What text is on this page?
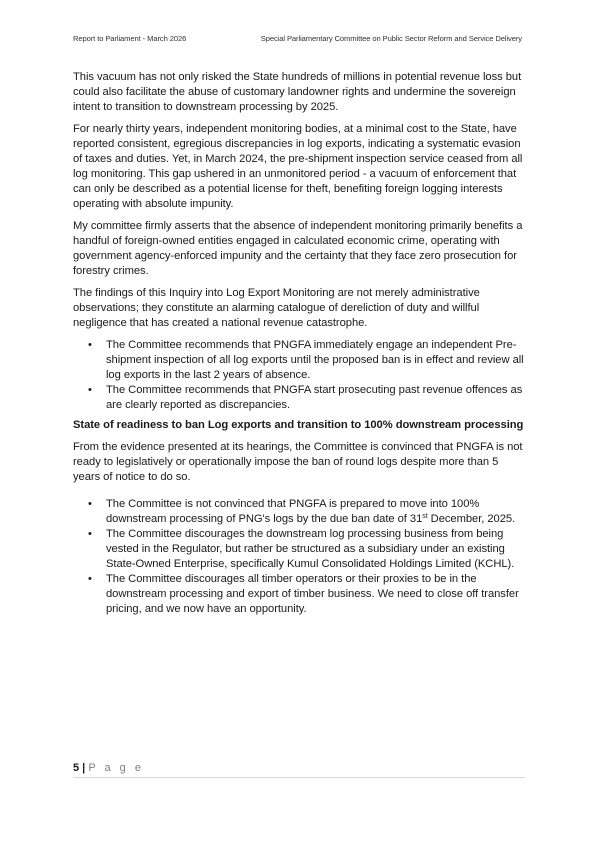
Report to Parliament - March 2026	Special Parliamentary Committee on Public Sector Reform and Service Delivery

This vacuum has not only risked the State hundreds of millions in potential revenue loss but could also facilitate the abuse of customary landowner rights and undermine the sovereign intent to transition to downstream processing by 2025.

For nearly thirty years, independent monitoring bodies, at a minimal cost to the State, have reported consistent, egregious discrepancies in log exports, indicating a systematic evasion of taxes and duties. Yet, in March 2024, the pre-shipment inspection service ceased from all log monitoring. This gap ushered in an unmonitored period - a vacuum of enforcement that can only be described as a potential license for theft, benefiting foreign logging interests operating with absolute impunity.

My committee firmly asserts that the absence of independent monitoring primarily benefits a handful of foreign-owned entities engaged in calculated economic crime, operating with government agency-enforced impunity and the certainty that they face zero prosecution for forestry crimes.

The findings of this Inquiry into Log Export Monitoring are not merely administrative observations; they constitute an alarming catalogue of dereliction of duty and willful negligence that has created a national revenue catastrophe.

• The Committee recommends that PNGFA immediately engage an independent Pre-shipment inspection of all log exports until the proposed ban is in effect and review all log exports in the last 2 years of absence.
• The Committee recommends that PNGFA start prosecuting past revenue offences as are clearly reported as discrepancies.

State of readiness to ban Log exports and transition to 100% downstream processing

From the evidence presented at its hearings, the Committee is convinced that PNGFA is not ready to legislatively or operationally impose the ban of round logs despite more than 5 years of notice to do so.

• The Committee is not convinced that PNGFA is prepared to move into 100% downstream processing of PNG's logs by the due ban date of 31st December, 2025.
• The Committee discourages the downstream log processing business from being vested in the Regulator, but rather be structured as a subsidiary under an existing State-Owned Enterprise, specifically Kumul Consolidated Holdings Limited (KCHL).
• The Committee discourages all timber operators or their proxies to be in the downstream processing and export of timber business. We need to close off transfer pricing, and we now have an opportunity.
5 | P a g e
